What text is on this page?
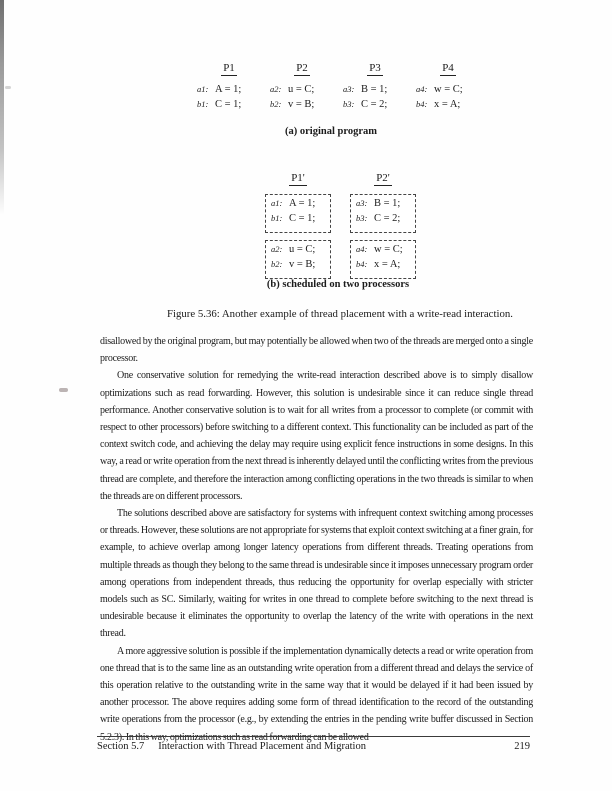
P1
a1: A = 1;
b1: C = 1;
P2
a2: u = C;
b2: v = B;
P3
a3: B = 1;
b3: C = 2;
P4
a4: w = C;
b4: x = A;
(a) original program
P1'
a1: A = 1;
b1: C = 1;
a2: u = C;
b2: v = B;
P2'
a3: B = 1;
b3: C = 2;
a4: w = C;
b4: x = A;
(b) scheduled on two processors
Figure 5.36: Another example of thread placement with a write-read interaction.

disallowed by the original program, but may potentially be allowed when two of the threads are merged onto a single processor.

One conservative solution for remedying the write-read interaction described above is to simply disallow optimizations such as read forwarding. However, this solution is undesirable since it can reduce single thread performance. Another conservative solution is to wait for all writes from a processor to complete (or commit with respect to other processors) before switching to a different context. This functionality can be included as part of the context switch code, and achieving the delay may require using explicit fence instructions in some designs. In this way, a read or write operation from the next thread is inherently delayed until the conflicting writes from the previous thread are complete, and therefore the interaction among conflicting operations in the two threads is similar to when the threads are on different processors.

The solutions described above are satisfactory for systems with infrequent context switching among processes or threads. However, these solutions are not appropriate for systems that exploit context switching at a finer grain, for example, to achieve overlap among longer latency operations from different threads. Treating operations from multiple threads as though they belong to the same thread is undesirable since it imposes unnecessary program order among operations from independent threads, thus reducing the opportunity for overlap especially with stricter models such as SC. Similarly, waiting for writes in one thread to complete before switching to the next thread is undesirable because it eliminates the opportunity to overlap the latency of the write with operations in the next thread.

A more aggressive solution is possible if the implementation dynamically detects a read or write operation from one thread that is to the same line as an outstanding write operation from a different thread and delays the service of this operation relative to the outstanding write in the same way that it would be delayed if it had been issued by another processor. The above requires adding some form of thread identification to the record of the outstanding write operations from the processor (e.g., by extending the entries in the pending write buffer discussed in Section 5.2.3). In this way, optimizations such as read forwarding can be allowed

Section 5.7 Interaction with Thread Placement and Migration	219
